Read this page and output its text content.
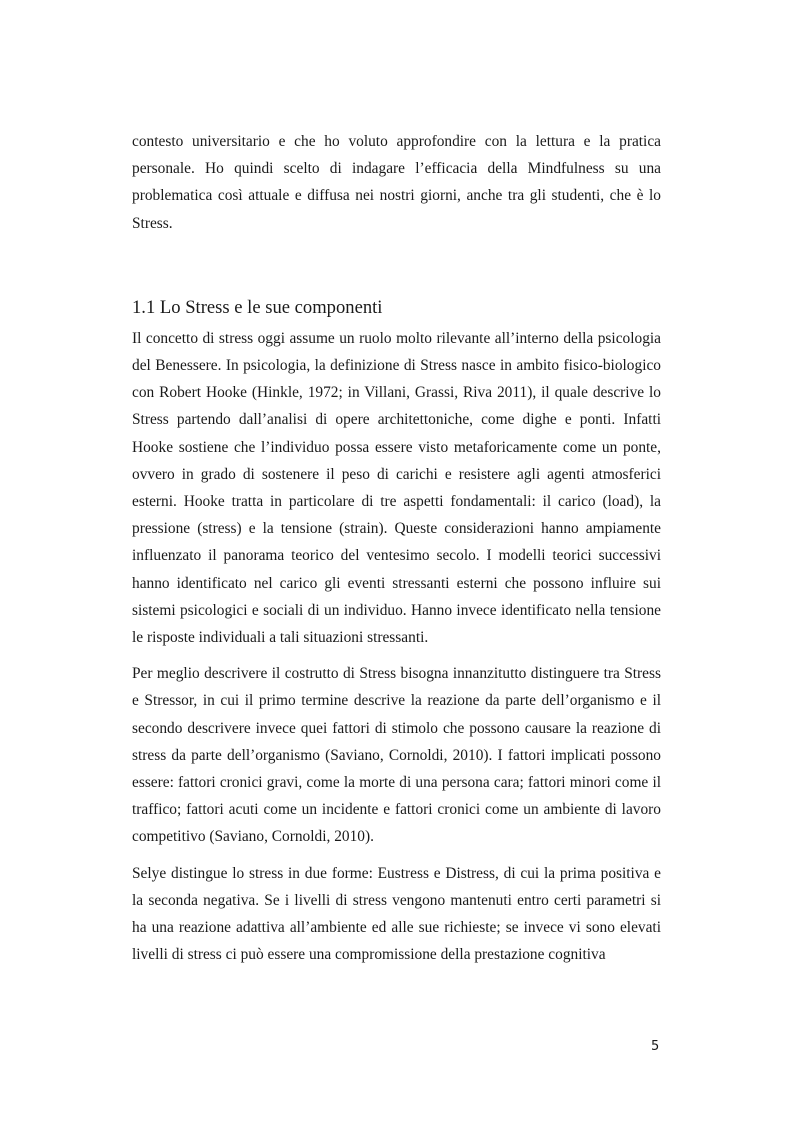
contesto universitario e che ho voluto approfondire con la lettura e la pratica personale. Ho quindi scelto di indagare l’efficacia della Mindfulness su una problematica così attuale e diffusa nei nostri giorni, anche tra gli studenti, che è lo Stress.

1.1 Lo Stress e le sue componenti

Il concetto di stress oggi assume un ruolo molto rilevante all’interno della psicologia del Benessere. In psicologia, la definizione di Stress nasce in ambito fisico-biologico con Robert Hooke (Hinkle, 1972; in Villani, Grassi, Riva 2011), il quale descrive lo Stress partendo dall’analisi di opere architettoniche, come dighe e ponti. Infatti Hooke sostiene che l’individuo possa essere visto metaforicamente come un ponte, ovvero in grado di sostenere il peso di carichi e resistere agli agenti atmosferici esterni. Hooke tratta in particolare di tre aspetti fondamentali: il carico (load), la pressione (stress) e la tensione (strain). Queste considerazioni hanno ampiamente influenzato il panorama teorico del ventesimo secolo. I modelli teorici successivi hanno identificato nel carico gli eventi stressanti esterni che possono influire sui sistemi psicologici e sociali di un individuo. Hanno invece identificato nella tensione le risposte individuali a tali situazioni stressanti.

Per meglio descrivere il costrutto di Stress bisogna innanzitutto distinguere tra Stress e Stressor, in cui il primo termine descrive la reazione da parte dell’organismo e il secondo descrivere invece quei fattori di stimolo che possono causare la reazione di stress da parte dell’organismo (Saviano, Cornoldi, 2010). I fattori implicati possono essere: fattori cronici gravi, come la morte di una persona cara; fattori minori come il traffico; fattori acuti come un incidente e fattori cronici come un ambiente di lavoro competitivo (Saviano, Cornoldi, 2010).

Selye distingue lo stress in due forme: Eustress e Distress, di cui la prima positiva e la seconda negativa. Se i livelli di stress vengono mantenuti entro certi parametri si ha una reazione adattiva all’ambiente ed alle sue richieste; se invece vi sono elevati livelli di stress ci può essere una compromissione della prestazione cognitiva

5
